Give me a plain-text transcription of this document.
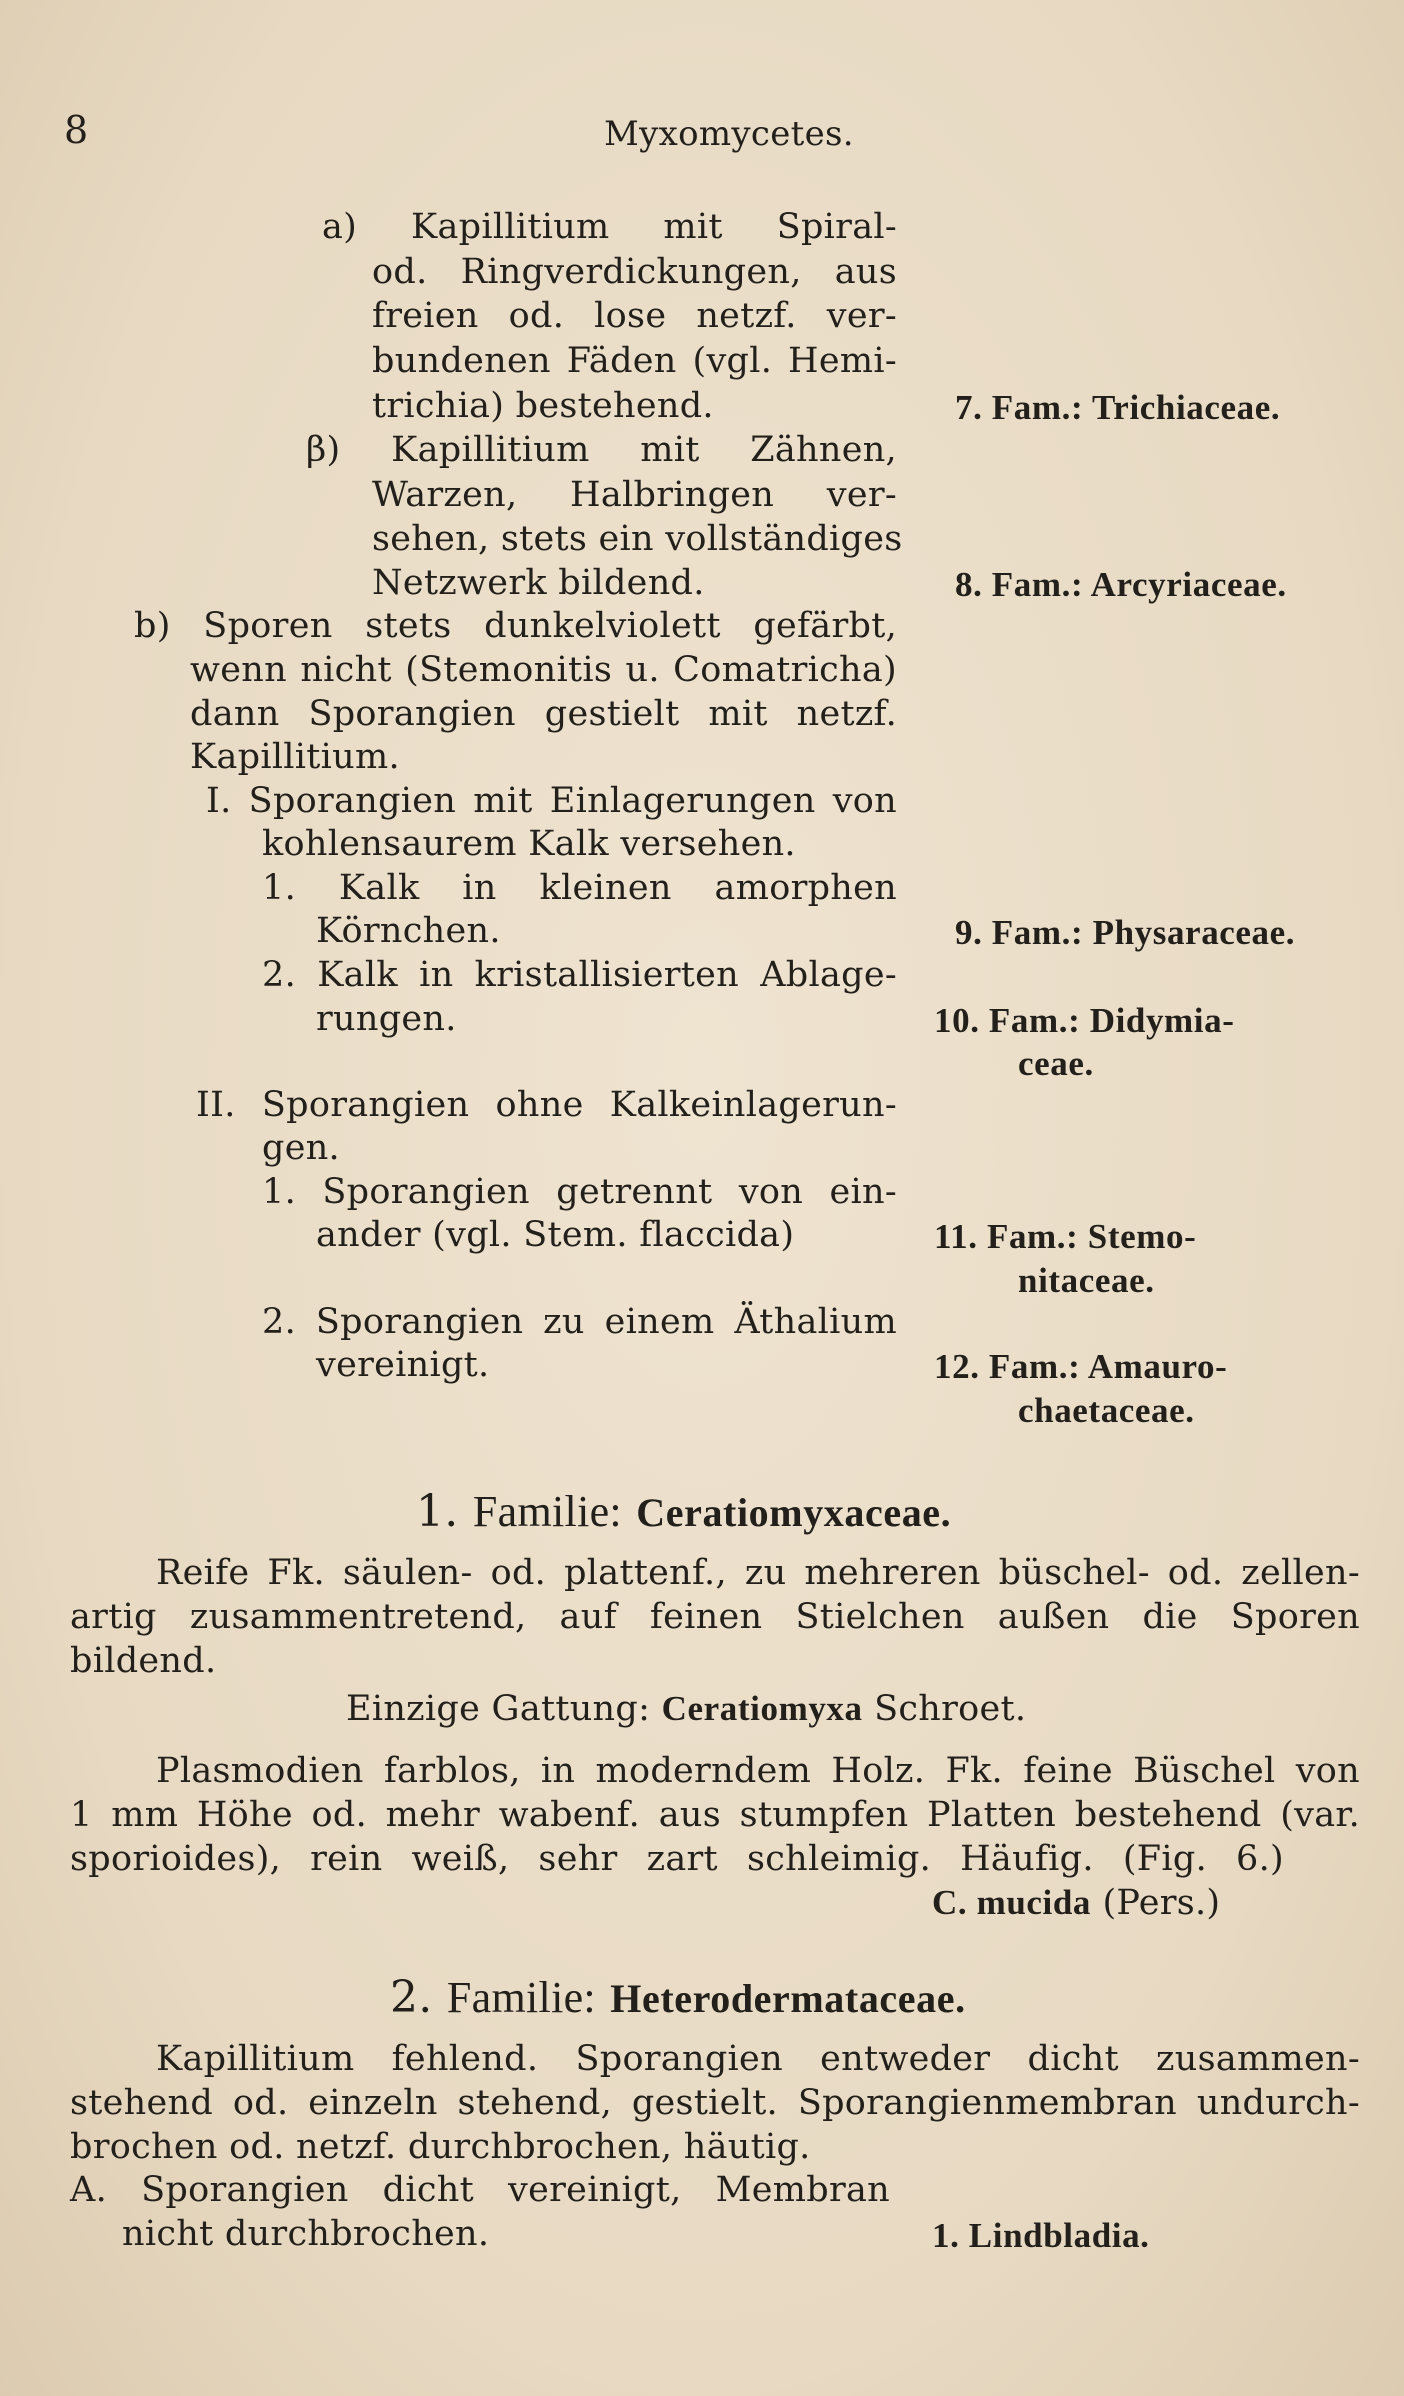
8	Myxomycetes.
a) Kapillitium mit Spiral-
od. Ringverdickungen, aus
freien od. lose netzf. ver-
bundenen Fäden (vgl. Hemi-
trichia) bestehend.	7. Fam.: Trichiaceae.
β) Kapillitium mit Zähnen,
Warzen, Halbringen ver-
sehen, stets ein vollständiges
Netzwerk bildend.	8. Fam.: Arcyriaceae.
b) Sporen stets dunkelviolett gefärbt,
wenn nicht (Stemonitis u. Comatricha)
dann Sporangien gestielt mit netzf.
Kapillitium.
I. Sporangien mit Einlagerungen von
kohlensaurem Kalk versehen.
1. Kalk in kleinen amorphen
Körnchen.	9. Fam.: Physaraceae.
2. Kalk in kristallisierten Ablage-
rungen.	10. Fam.: Didymia-
ceae.
II. Sporangien ohne Kalkeinlagerun-
gen.
1. Sporangien getrennt von ein-
ander (vgl. Stem. flaccida)	11. Fam.: Stemo-
nitaceae.
2. Sporangien zu einem Äthalium
vereinigt.	12. Fam.: Amauro-
chaetaceae.
1. Familie: Ceratiomyxaceae.
Reife Fk. säulen- od. plattenf., zu mehreren büschel- od. zellen-
artig zusammentretend, auf feinen Stielchen außen die Sporen bildend.
Einzige Gattung: Ceratiomyxa Schroet.
Plasmodien farblos, in moderndem Holz. Fk. feine Büschel von
1 mm Höhe od. mehr wabenf. aus stumpfen Platten bestehend (var.
sporioides), rein weiß, sehr zart schleimig. Häufig. (Fig. 6.)
C. mucida (Pers.)
2. Familie: Heterodermataceae.
Kapillitium fehlend. Sporangien entweder dicht zusammen-
stehend od. einzeln stehend, gestielt. Sporangienmembran undurch-
brochen od. netzf. durchbrochen, häutig.
A. Sporangien dicht vereinigt, Membran
nicht durchbrochen.	1. Lindbladia.
